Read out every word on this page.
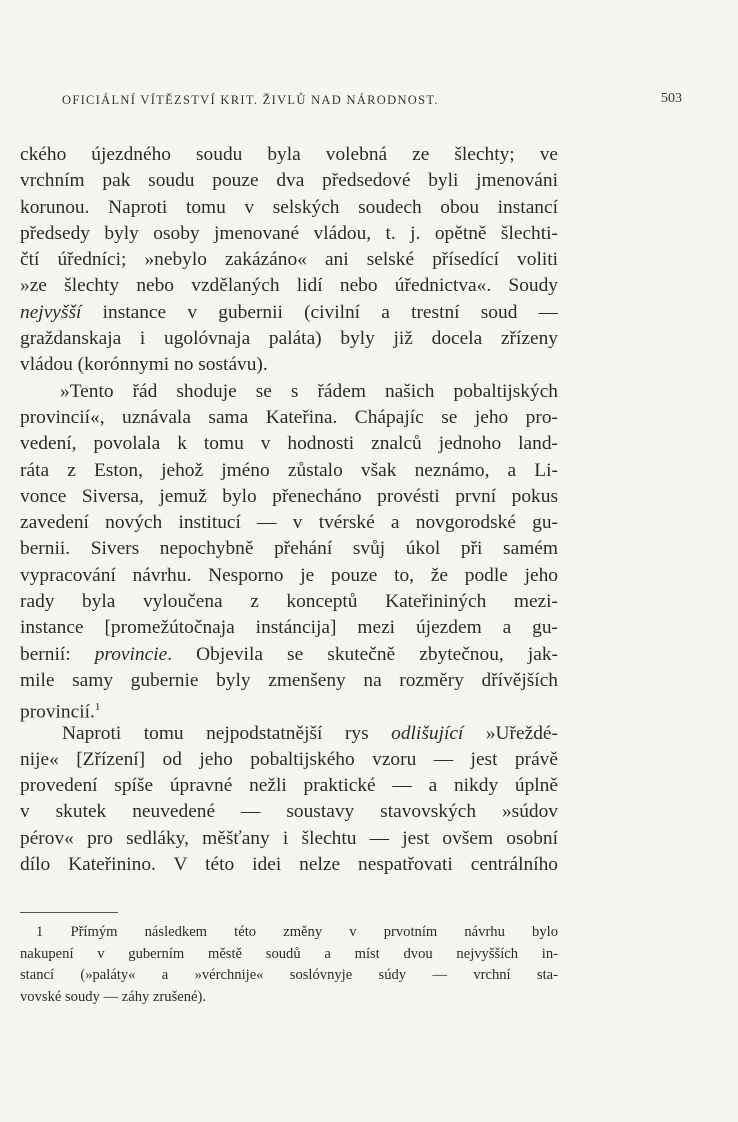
OFICIÁLNÍ VÍTĚZSTVÍ KRIT. ŽIVLŮ NAD NÁRODNOST.	503
ckého újezdného soudu byla volebná ze šlechty; ve
vrchním pak soudu pouze dva předsedové byli jmenováni
korunou. Naproti tomu v selských soudech obou instancí
předsedy byly osoby jmenované vládou, t. j. opětně šlechti-
čtí úředníci; »nebylo zakázáno« ani selské přísedící voliti
»ze šlechty nebo vzdělaných lidí nebo úřednictva«. Soudy
nejvyšší instance v gubernii (civilní a trestní soud —
graždanskaja i ugolóvnaja paláta) byly již docela zřízeny
vládou (korónnymi no sostávu).
»Tento řád shoduje se s řádem našich pobaltijských
provincií«, uznávala sama Kateřina. Chápajíc se jeho pro-
vedení, povolala k tomu v hodnosti znalců jednoho land-
ráta z Eston, jehož jméno zůstalo však neznámo, a Li-
vonce Siversa, jemuž bylo přenecháno provésti první pokus
zavedení nových institucí — v tvérské a novgorodské gu-
bernii. Sivers nepochybně přehání svůj úkol při samém
vypracování návrhu. Nesporno je pouze to, že podle jeho
rady byla vyloučena z konceptů Kateřininých mezi-
instance [promežútočnaja instáncija] mezi újezdem a gu-
bernií: provincie. Objevila se skutečně zbytečnou, jak-
mile samy gubernie byly zmenšeny na rozměry dřívějších
provincií.$^1$
Naproti tomu nejpodstatnější rys odlišující »Uřeždé-
nije« [Zřízení] od jeho pobaltijského vzoru — jest právě
provedení spíše úpravné nežli praktické — a nikdy úplně
v skutek neuvedené — soustavy stavovských »súdov
pérov« pro sedláky, měšťany i šlechtu — jest ovšem osobní
dílo Kateřinino. V této idei nelze nespatřovati centrálního
1 Přímým následkem této změny v prvotním návrhu bylo
nakupení v guberním městě soudů a míst dvou nejvyšších in-
stancí (»paláty« a »vérchnije« soslóvnyje súdy — vrchní sta-
vovské soudy — záhy zrušené).
